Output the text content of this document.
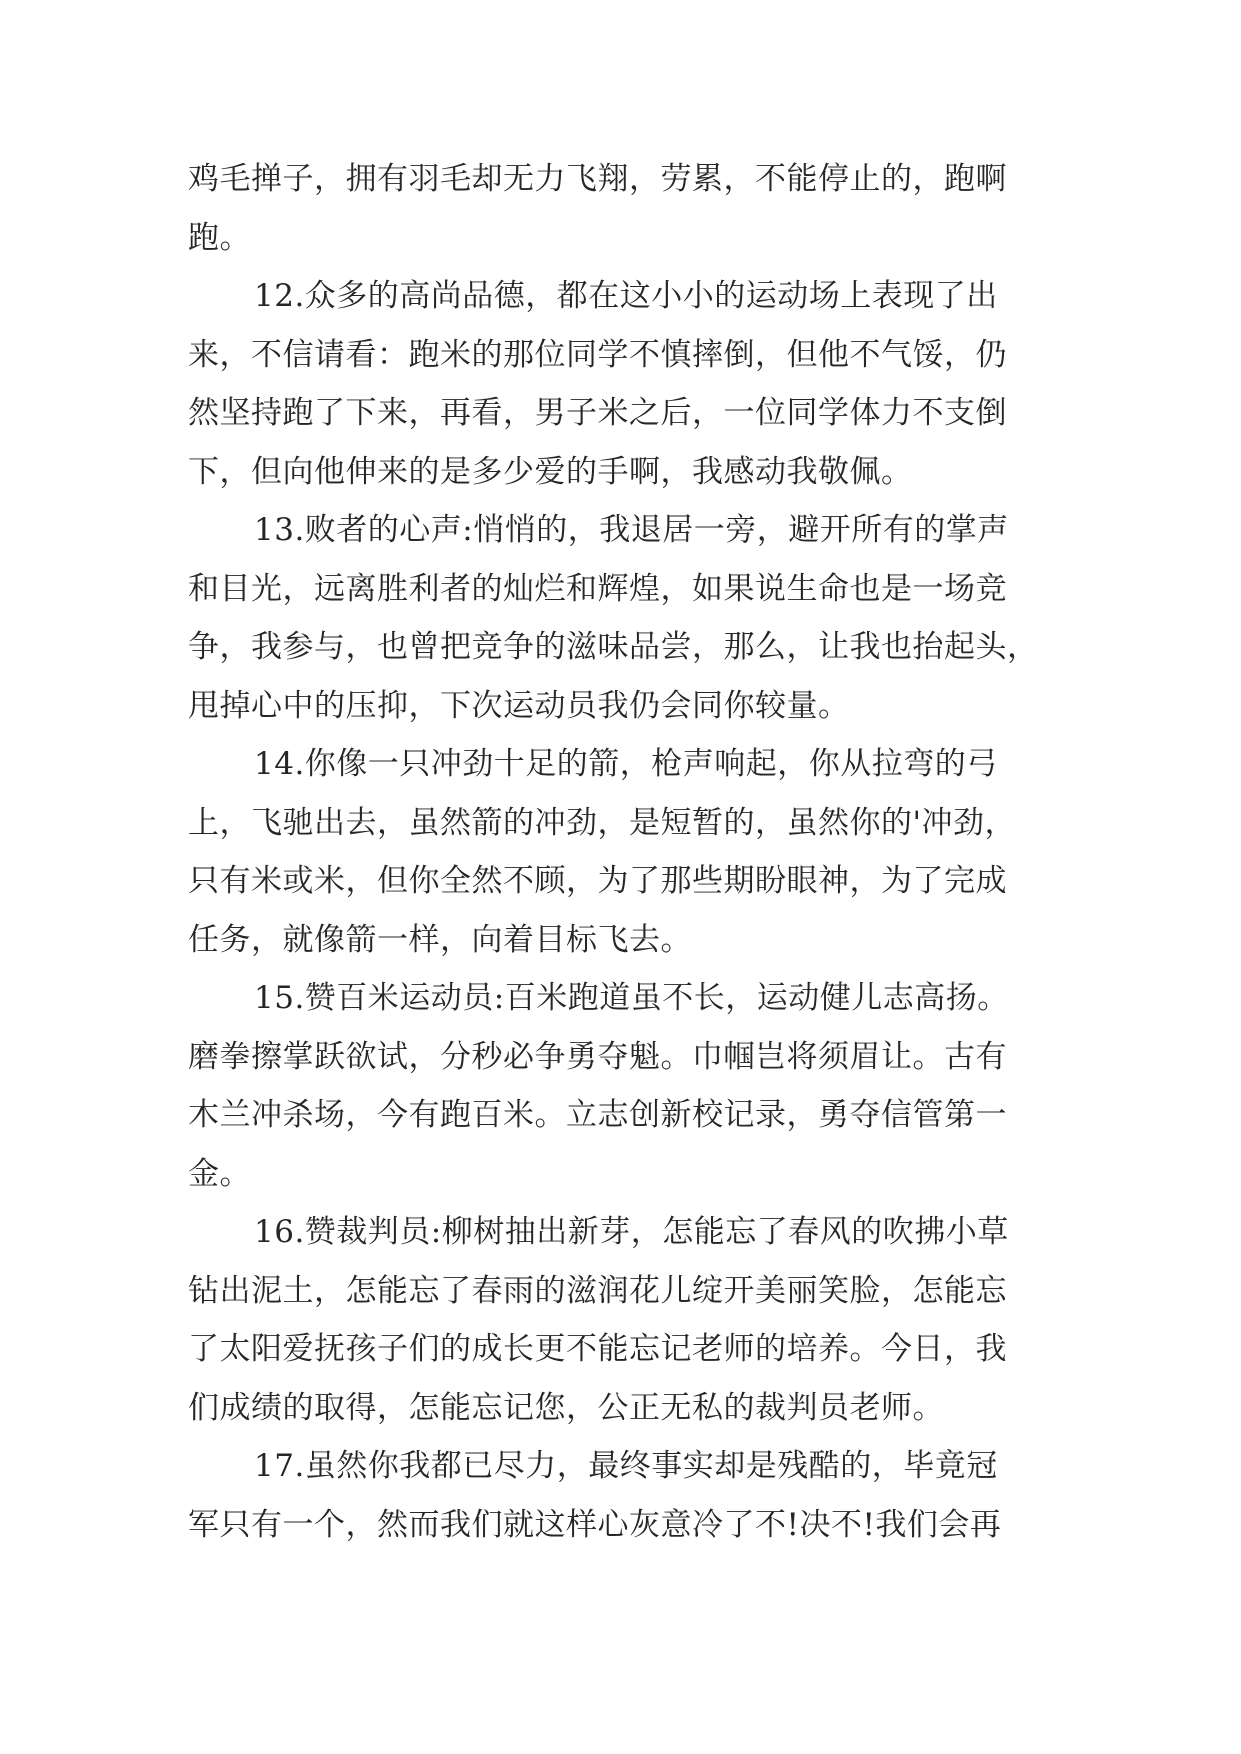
鸡毛掸子，拥有羽毛却无力飞翔，劳累，不能停止的，跑啊
跑。
12.众多的高尚品德，都在这小小的运动场上表现了出
来，不信请看：跑米的那位同学不慎摔倒，但他不气馁，仍
然坚持跑了下来，再看，男子米之后，一位同学体力不支倒
下，但向他伸来的是多少爱的手啊，我感动我敬佩。
13.败者的心声:悄悄的，我退居一旁，避开所有的掌声
和目光，远离胜利者的灿烂和辉煌，如果说生命也是一场竞
争，我参与，也曾把竞争的滋味品尝，那么，让我也抬起头，
甩掉心中的压抑，下次运动员我仍会同你较量。
14.你像一只冲劲十足的箭，枪声响起，你从拉弯的弓
上，飞驰出去，虽然箭的冲劲，是短暂的，虽然你的'冲劲，
只有米或米，但你全然不顾，为了那些期盼眼神，为了完成
任务，就像箭一样，向着目标飞去。
15.赞百米运动员:百米跑道虽不长，运动健儿志高扬。
磨拳擦掌跃欲试，分秒必争勇夺魁。巾帼岂将须眉让。古有
木兰冲杀场，今有跑百米。立志创新校记录，勇夺信管第一
金。
16.赞裁判员:柳树抽出新芽，怎能忘了春风的吹拂小草
钻出泥土，怎能忘了春雨的滋润花儿绽开美丽笑脸，怎能忘
了太阳爱抚孩子们的成长更不能忘记老师的培养。今日，我
们成绩的取得，怎能忘记您，公正无私的裁判员老师。
17.虽然你我都已尽力，最终事实却是残酷的，毕竟冠
军只有一个，然而我们就这样心灰意冷了不!决不!我们会再
